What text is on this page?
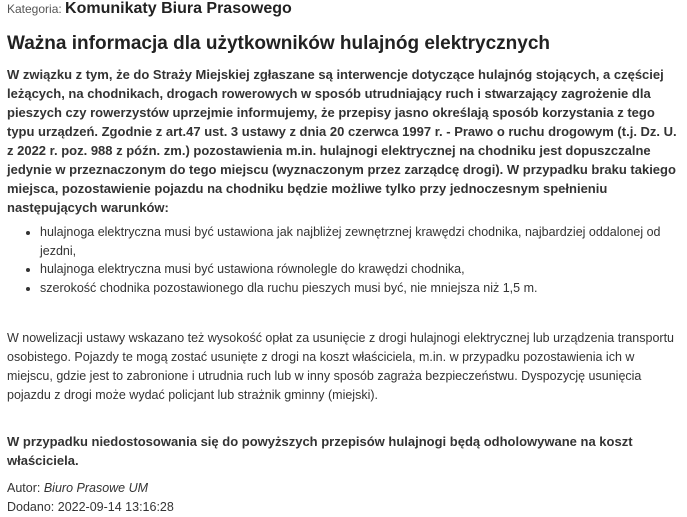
Kategoria: Komunikaty Biura Prasowego
Ważna informacja dla użytkowników hulajnóg elektrycznych

W związku z tym, że do Straży Miejskiej zgłaszane są interwencje dotyczące hulajnóg stojących, a częściej leżących, na chodnikach, drogach rowerowych w sposób utrudniający ruch i stwarzający zagrożenie dla pieszych czy rowerzystów uprzejmie informujemy, że przepisy jasno określają sposób korzystania z tego typu urządzeń. Zgodnie z art.47 ust. 3 ustawy z dnia 20 czerwca 1997 r. - Prawo o ruchu drogowym (t.j. Dz. U. z 2022 r. poz. 988 z późn. zm.) pozostawienia m.in. hulajnogi elektrycznej na chodniku jest dopuszczalne jedynie w przeznaczonym do tego miejscu (wyznaczonym przez zarządcę drogi). W przypadku braku takiego miejsca, pozostawienie pojazdu na chodniku będzie możliwe tylko przy jednoczesnym spełnieniu następujących warunków:

• hulajnoga elektryczna musi być ustawiona jak najbliżej zewnętrznej krawędzi chodnika, najbardziej oddalonej od jezdni,
• hulajnoga elektryczna musi być ustawiona równolegle do krawędzi chodnika,
• szerokość chodnika pozostawionego dla ruchu pieszych musi być, nie mniejsza niż 1,5 m.

W nowelizacji ustawy wskazano też wysokość opłat za usunięcie z drogi hulajnogi elektrycznej lub urządzenia transportu osobistego. Pojazdy te mogą zostać usunięte z drogi na koszt właściciela, m.in. w przypadku pozostawienia ich w miejscu, gdzie jest to zabronione i utrudnia ruch lub w inny sposób zagraża bezpieczeństwu. Dyspozycję usunięcia pojazdu z drogi może wydać policjant lub strażnik gminny (miejski).

W przypadku niedostosowania się do powyższych przepisów hulajnogi będą odholowywane na koszt właściciela.

Autor: Biuro Prasowe UM
Dodano: 2022-09-14 13:16:28
